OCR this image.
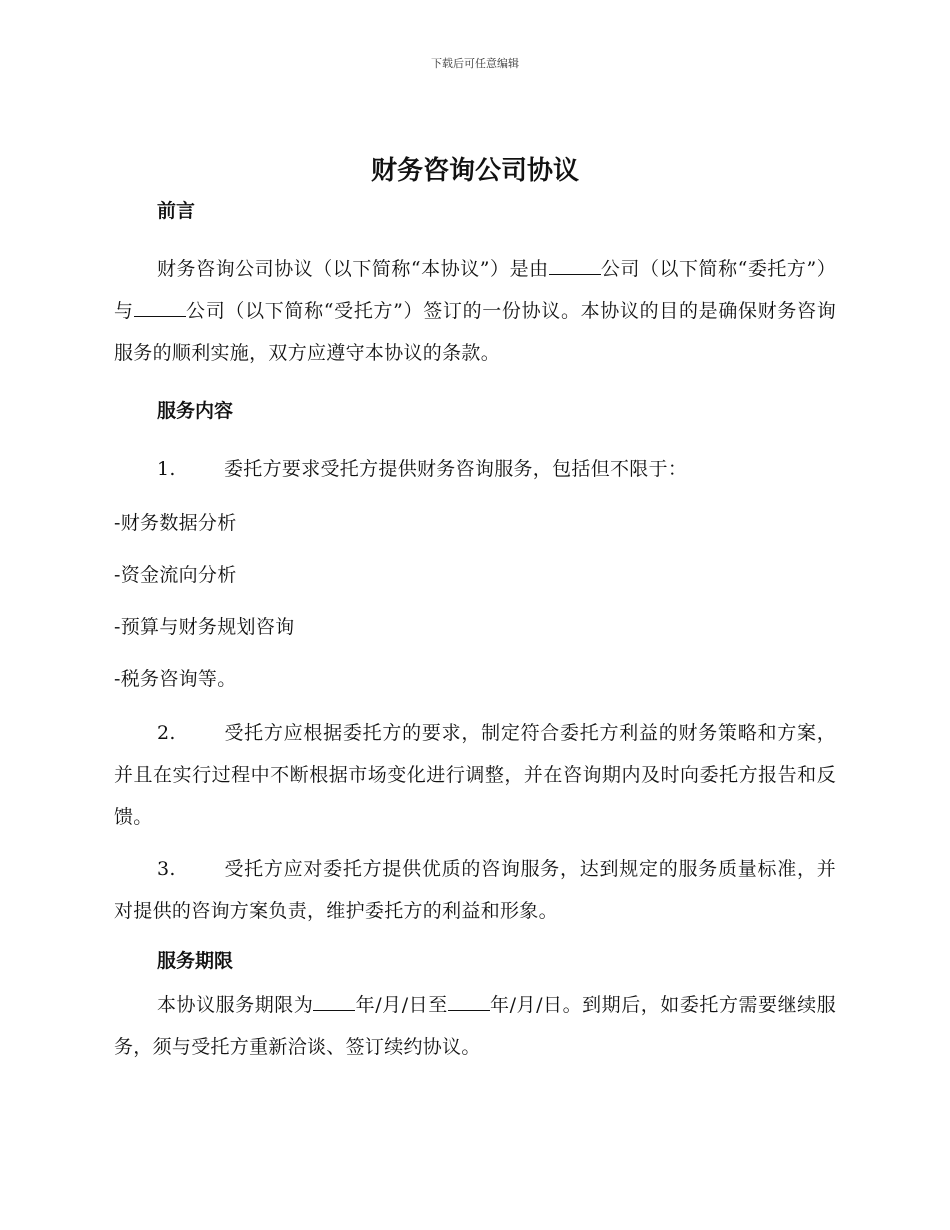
下载后可任意编辑
财务咨询公司协议
前言

财务咨询公司协议（以下简称“本协议”）是由	公司（以下简称“委托方”）与	公司（以下简称“受托方”）签订的一份协议。本协议的目的是确保财务咨询服务的顺利实施，双方应遵守本协议的条款。

服务内容

1.	委托方要求受托方提供财务咨询服务，包括但不限于：

-财务数据分析

-资金流向分析

-预算与财务规划咨询

-税务咨询等。

2.	受托方应根据委托方的要求，制定符合委托方利益的财务策略和方案，并且在实行过程中不断根据市场变化进行调整，并在咨询期内及时向委托方报告和反馈。

3.	受托方应对委托方提供优质的咨询服务，达到规定的服务质量标准，并对提供的咨询方案负责，维护委托方的利益和形象。

服务期限

本协议服务期限为 年/月/日至 年/月/日。到期后，如委托方需要继续服务，须与受托方重新洽谈、签订续约协议。
